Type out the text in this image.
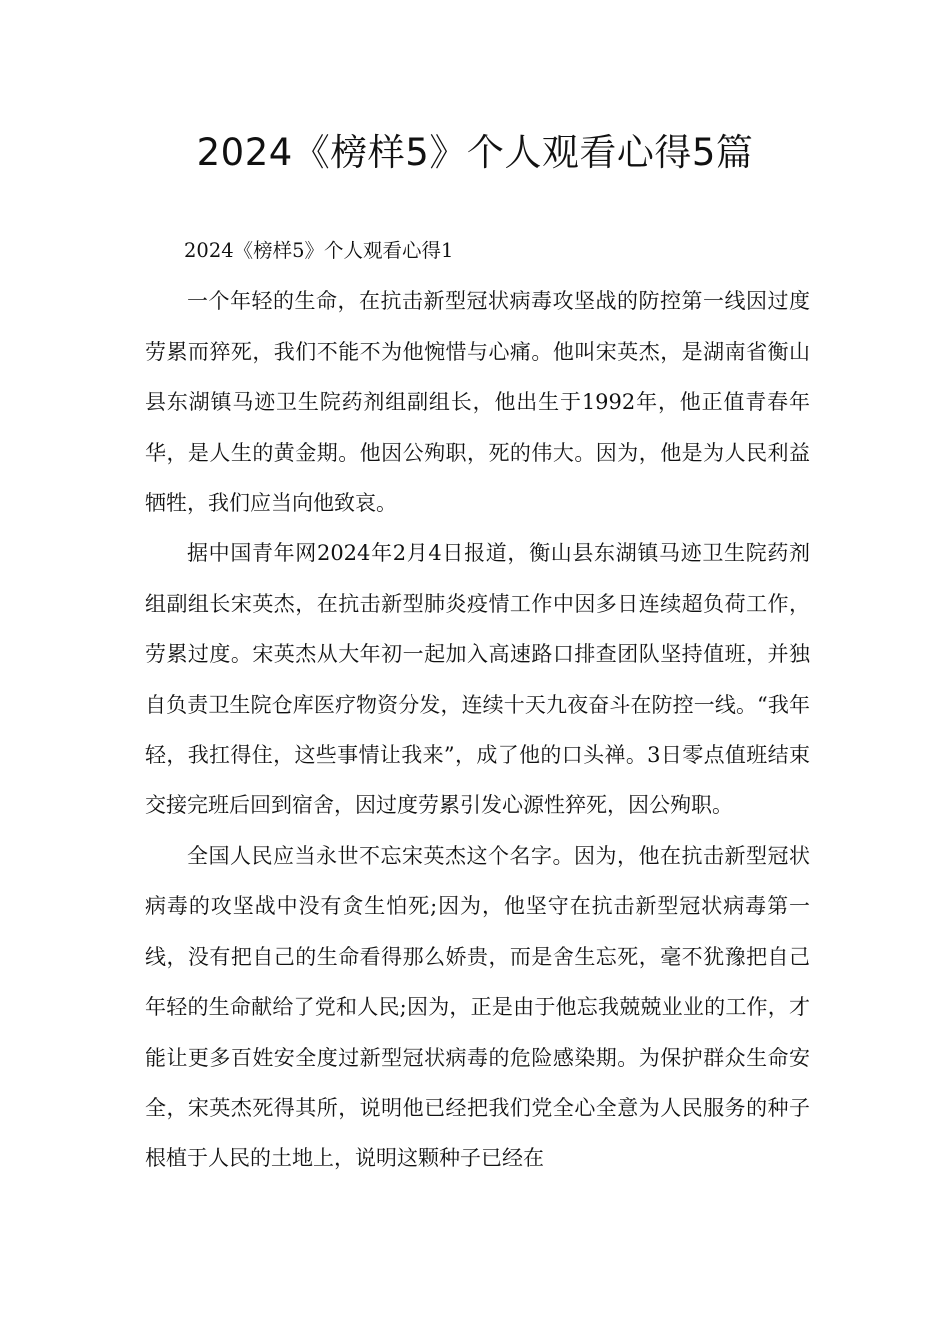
2024《榜样5》个人观看心得5篇

2024《榜样5》个人观看心得1

一个年轻的生命，在抗击新型冠状病毒攻坚战的防控第一线因过度劳累而猝死，我们不能不为他惋惜与心痛。他叫宋英杰，是湖南省衡山县东湖镇马迹卫生院药剂组副组长，他出生于1992年，他正值青春年华，是人生的黄金期。他因公殉职，死的伟大。因为，他是为人民利益牺牲，我们应当向他致哀。

据中国青年网2024年2月4日报道，衡山县东湖镇马迹卫生院药剂组副组长宋英杰，在抗击新型肺炎疫情工作中因多日连续超负荷工作，劳累过度。宋英杰从大年初一起加入高速路口排查团队坚持值班，并独自负责卫生院仓库医疗物资分发，连续十天九夜奋斗在防控一线。“我年轻，我扛得住，这些事情让我来”，成了他的口头禅。3日零点值班结束交接完班后回到宿舍，因过度劳累引发心源性猝死，因公殉职。

全国人民应当永世不忘宋英杰这个名字。因为，他在抗击新型冠状病毒的攻坚战中没有贪生怕死;因为，他坚守在抗击新型冠状病毒第一线，没有把自己的生命看得那么娇贵，而是舍生忘死，毫不犹豫把自己年轻的生命献给了党和人民;因为，正是由于他忘我兢兢业业的工作，才能让更多百姓安全度过新型冠状病毒的危险感染期。为保护群众生命安全，宋英杰死得其所，说明他已经把我们党全心全意为人民服务的种子根植于人民的土地上，说明这颗种子已经在
